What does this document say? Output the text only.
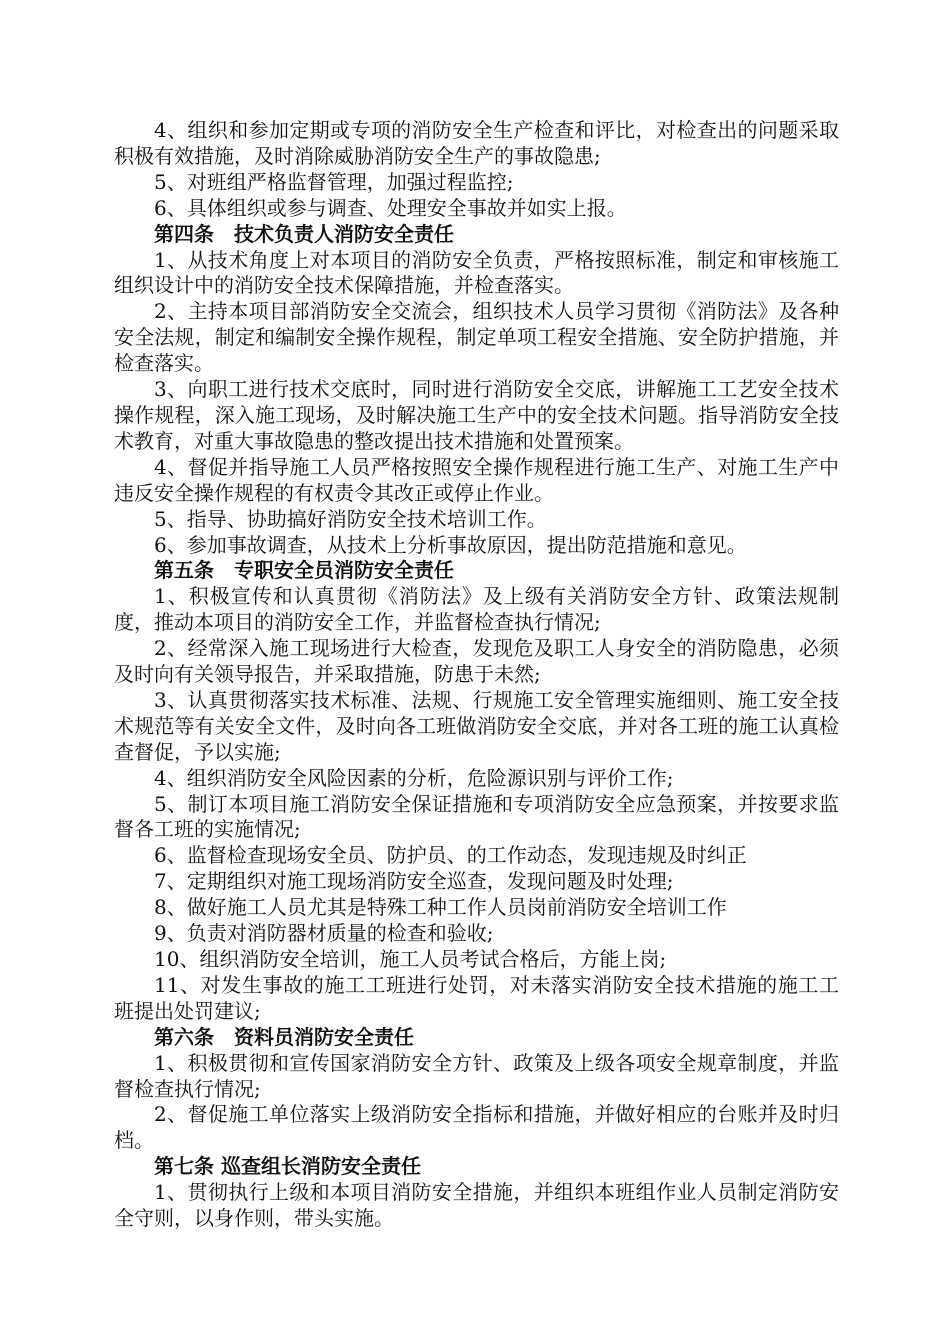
4、组织和参加定期或专项的消防安全生产检查和评比，对检查出的问题采取积极有效措施，及时消除威胁消防安全生产的事故隐患;

5、对班组严格监督管理，加强过程监控;

6、具体组织或参与调查、处理安全事故并如实上报。

第四条　技术负责人消防安全责任

1、从技术角度上对本项目的消防安全负责，严格按照标准，制定和审核施工组织设计中的消防安全技术保障措施，并检查落实。

2、主持本项目部消防安全交流会，组织技术人员学习贯彻《消防法》及各种安全法规，制定和编制安全操作规程，制定单项工程安全措施、安全防护措施，并检查落实。

3、向职工进行技术交底时，同时进行消防安全交底，讲解施工工艺安全技术操作规程，深入施工现场，及时解决施工生产中的安全技术问题。指导消防安全技术教育，对重大事故隐患的整改提出技术措施和处置预案。

4、督促并指导施工人员严格按照安全操作规程进行施工生产、对施工生产中违反安全操作规程的有权责令其改正或停止作业。

5、指导、协助搞好消防安全技术培训工作。

6、参加事故调查，从技术上分析事故原因，提出防范措施和意见。

第五条　专职安全员消防安全责任

1、积极宣传和认真贯彻《消防法》及上级有关消防安全方针、政策法规制度，推动本项目的消防安全工作，并监督检查执行情况;

2、经常深入施工现场进行大检查，发现危及职工人身安全的消防隐患，必须及时向有关领导报告，并采取措施，防患于未然;

3、认真贯彻落实技术标准、法规、行规施工安全管理实施细则、施工安全技术规范等有关安全文件，及时向各工班做消防安全交底，并对各工班的施工认真检查督促，予以实施;

4、组织消防安全风险因素的分析，危险源识别与评价工作;

5、制订本项目施工消防安全保证措施和专项消防安全应急预案，并按要求监督各工班的实施情况;

6、监督检查现场安全员、防护员、的工作动态，发现违规及时纠正

7、定期组织对施工现场消防安全巡查，发现问题及时处理;

8、做好施工人员尤其是特殊工种工作人员岗前消防安全培训工作

9、负责对消防器材质量的检查和验收;

10、组织消防安全培训，施工人员考试合格后，方能上岗;

11、对发生事故的施工工班进行处罚，对未落实消防安全技术措施的施工工班提出处罚建议;

第六条　资料员消防安全责任

1、积极贯彻和宣传国家消防安全方针、政策及上级各项安全规章制度，并监督检查执行情况;

2、督促施工单位落实上级消防安全指标和措施，并做好相应的台账并及时归档。

第七条 巡查组长消防安全责任

1、贯彻执行上级和本项目消防安全措施，并组织本班组作业人员制定消防安全守则，以身作则，带头实施。
